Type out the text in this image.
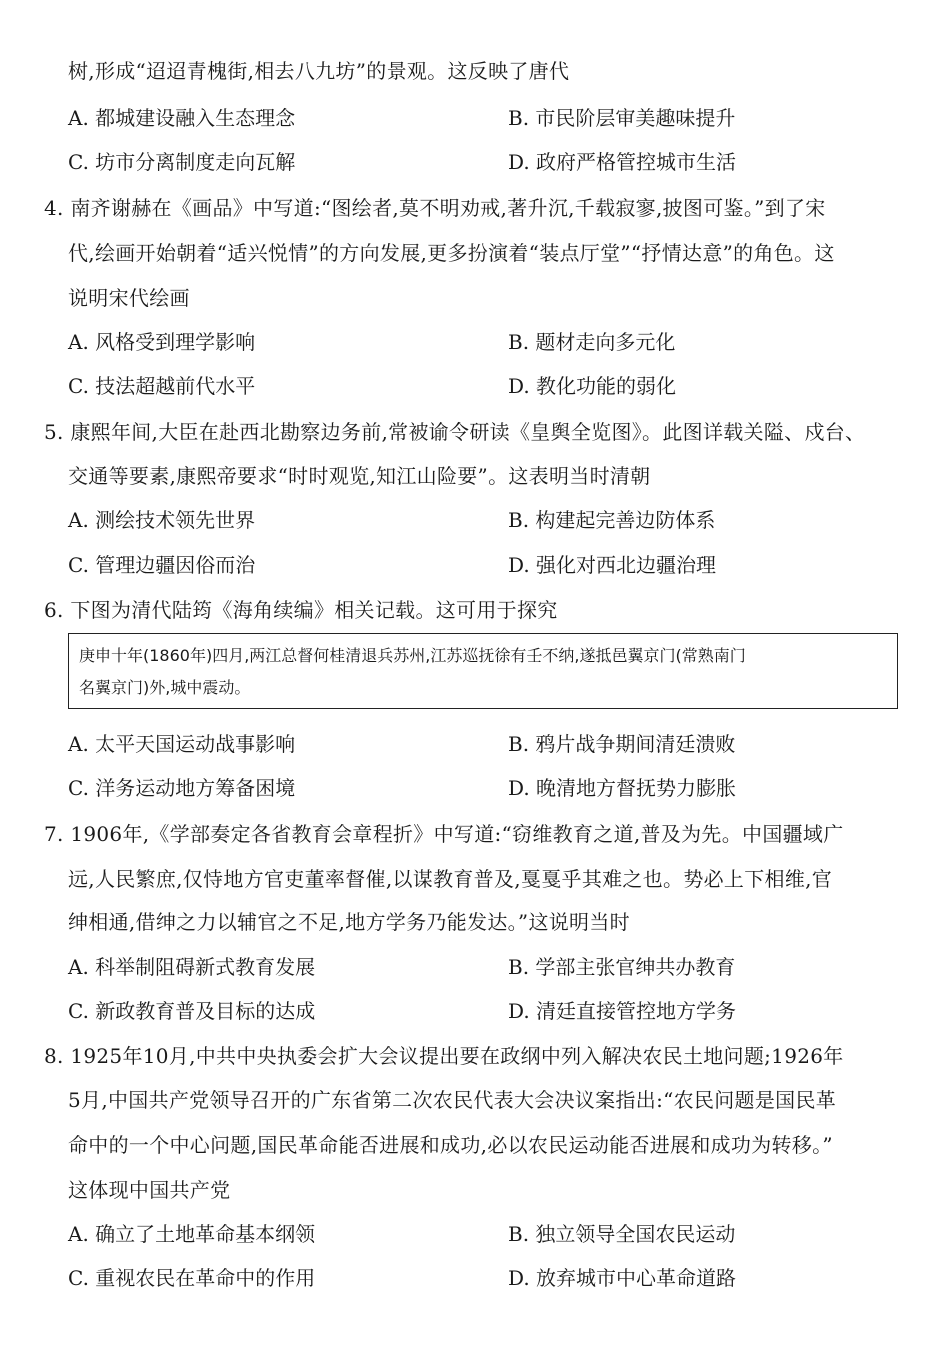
树,形成“迢迢青槐街,相去八九坊”的景观。这反映了唐代
A. 都城建设融入生态理念	B. 市民阶层审美趣味提升
C. 坊市分离制度走向瓦解	D. 政府严格管控城市生活
4. 南齐谢赫在《画品》中写道:“图绘者,莫不明劝戒,著升沉,千载寂寥,披图可鉴。”到了宋
代,绘画开始朝着“适兴悦情”的方向发展,更多扮演着“装点厅堂”“抒情达意”的角色。这
说明宋代绘画
A. 风格受到理学影响	B. 题材走向多元化
C. 技法超越前代水平	D. 教化功能的弱化
5. 康熙年间,大臣在赴西北勘察边务前,常被谕令研读《皇舆全览图》。此图详载关隘、戍台、
交通等要素,康熙帝要求“时时观览,知江山险要”。这表明当时清朝
A. 测绘技术领先世界	B. 构建起完善边防体系
C. 管理边疆因俗而治	D. 强化对西北边疆治理
6. 下图为清代陆筠《海角续编》相关记载。这可用于探究
庚申十年(1860年)四月,两江总督何桂清退兵苏州,江苏巡抚徐有壬不纳,遂抵邑翼京门(常熟南门
名翼京门)外,城中震动。
A. 太平天国运动战事影响	B. 鸦片战争期间清廷溃败
C. 洋务运动地方筹备困境	D. 晚清地方督抚势力膨胀
7. 1906年,《学部奏定各省教育会章程折》中写道:“窃维教育之道,普及为先。中国疆域广
远,人民繁庶,仅恃地方官吏董率督催,以谋教育普及,戛戛乎其难之也。势必上下相维,官
绅相通,借绅之力以辅官之不足,地方学务乃能发达。”这说明当时
A. 科举制阻碍新式教育发展	B. 学部主张官绅共办教育
C. 新政教育普及目标的达成	D. 清廷直接管控地方学务
8. 1925年10月,中共中央执委会扩大会议提出要在政纲中列入解决农民土地问题;1926年
5月,中国共产党领导召开的广东省第二次农民代表大会决议案指出:“农民问题是国民革
命中的一个中心问题,国民革命能否进展和成功,必以农民运动能否进展和成功为转移。”
这体现中国共产党
A. 确立了土地革命基本纲领	B. 独立领导全国农民运动
C. 重视农民在革命中的作用	D. 放弃城市中心革命道路
